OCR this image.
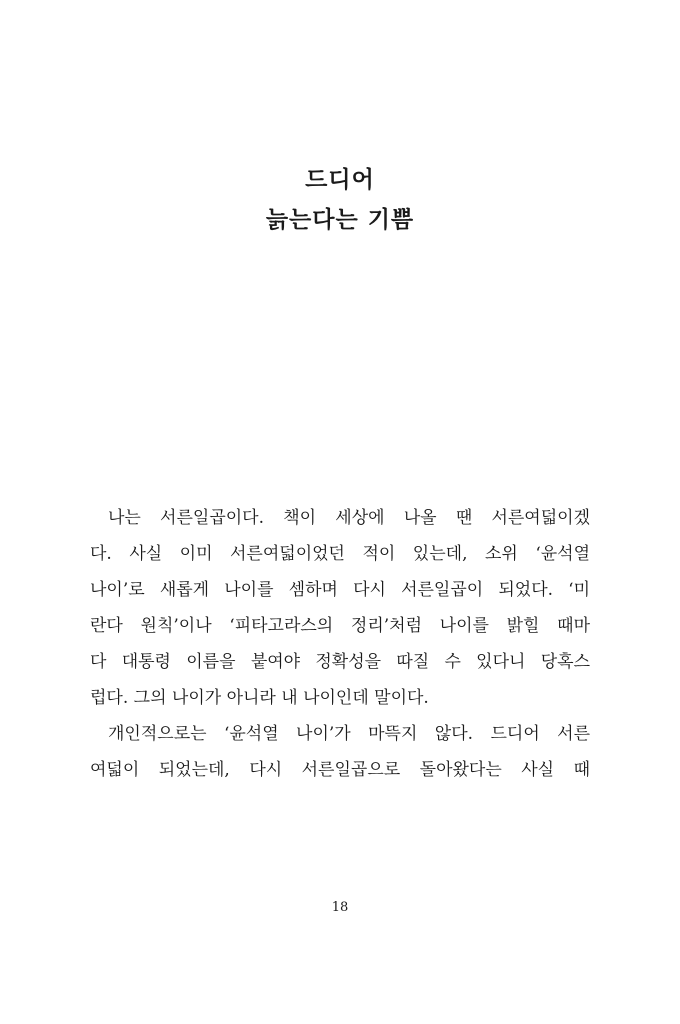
드디어
늙는다는 기쁨
나는 서른일곱이다. 책이 세상에 나올 땐 서른여덟이겠
다. 사실 이미 서른여덟이었던 적이 있는데, 소위 ‘윤석열
나이’로 새롭게 나이를 셈하며 다시 서른일곱이 되었다. ‘미
란다 원칙’이나 ‘피타고라스의 정리’처럼 나이를 밝힐 때마
다 대통령 이름을 붙여야 정확성을 따질 수 있다니 당혹스
럽다. 그의 나이가 아니라 내 나이인데 말이다.
개인적으로는 ‘윤석열 나이’가 마뜩지 않다. 드디어 서른
여덟이 되었는데, 다시 서른일곱으로 돌아왔다는 사실 때
18
